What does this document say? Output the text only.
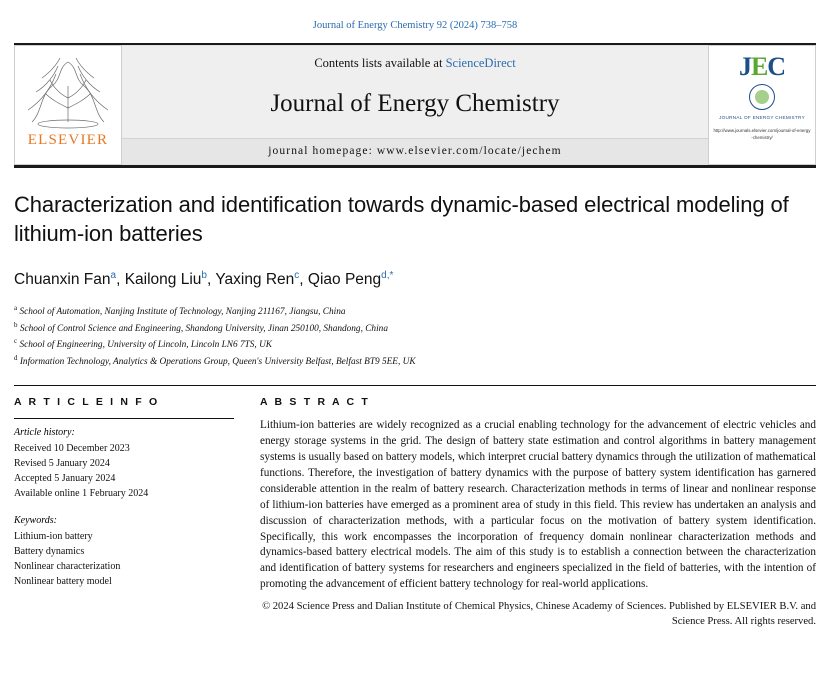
Journal of Energy Chemistry 92 (2024) 738–758
ELSEVIER
Contents lists available at ScienceDirect
Journal of Energy Chemistry
journal homepage: www.elsevier.com/locate/jechem
JEC
JOURNAL OF ENERGY CHEMISTRY
http://www.journals.elsevier.com/journal-of-energy-chemistry/
Characterization and identification towards dynamic-based electrical modeling of lithium-ion batteries
Chuanxin Fan$^a$, Kailong Liu$^b$, Yaxing Ren$^c$, Qiao Peng$^{d,*}$
$^a$ School of Automation, Nanjing Institute of Technology, Nanjing 211167, Jiangsu, China
$^b$ School of Control Science and Engineering, Shandong University, Jinan 250100, Shandong, China
$^c$ School of Engineering, University of Lincoln, Lincoln LN6 7TS, UK
$^d$ Information Technology, Analytics & Operations Group, Queen's University Belfast, Belfast BT9 5EE, UK
A R T I C L E I N F O
Article history:
Received 10 December 2023
Revised 5 January 2024
Accepted 5 January 2024
Available online 1 February 2024
Keywords:
Lithium-ion battery
Battery dynamics
Nonlinear characterization
Nonlinear battery model
A B S T R A C T
Lithium-ion batteries are widely recognized as a crucial enabling technology for the advancement of electric vehicles and energy storage systems in the grid. The design of battery state estimation and control algorithms in battery management systems is usually based on battery models, which interpret crucial battery dynamics through the utilization of mathematical functions. Therefore, the investigation of battery dynamics with the purpose of battery system identification has garnered considerable attention in the realm of battery research. Characterization methods in terms of linear and nonlinear response of lithium-ion batteries have emerged as a prominent area of study in this field. This review has undertaken an analysis and discussion of characterization methods, with a particular focus on the motivation of battery system identification. Specifically, this work encompasses the incorporation of frequency domain nonlinear characterization methods and dynamics-based battery electrical models. The aim of this study is to establish a connection between the characterization and identification of battery systems for researchers and engineers specialized in the field of batteries, with the intention of promoting the advancement of efficient battery technology for real-world applications.
© 2024 Science Press and Dalian Institute of Chemical Physics, Chinese Academy of Sciences. Published by ELSEVIER B.V. and Science Press. All rights reserved.
